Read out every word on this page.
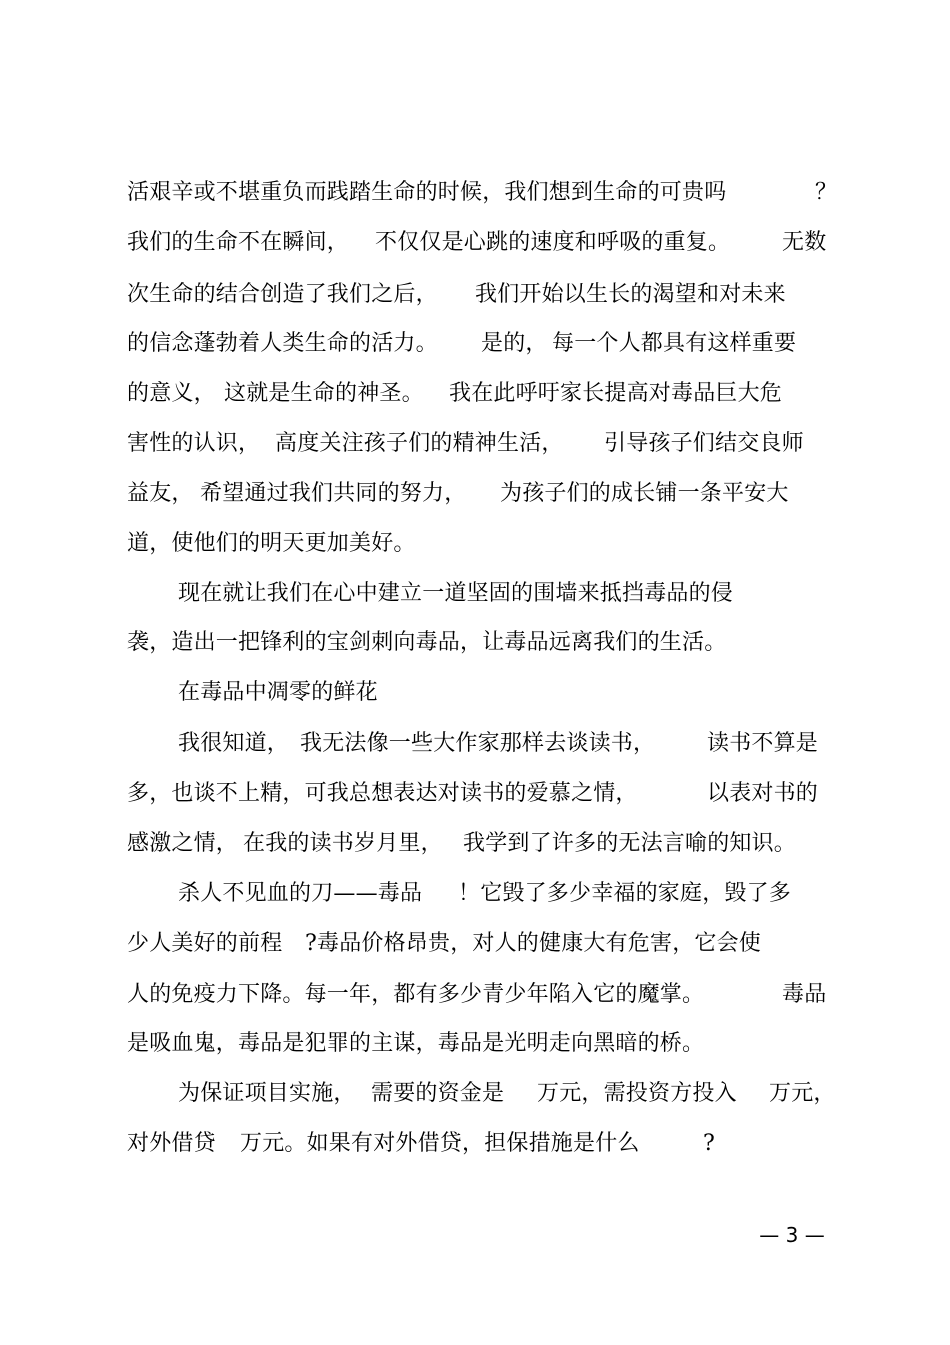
活艰辛或不堪重负而践踏生命的时候，我们想到生命的可贵吗

	？

我们的生命不在瞬间，

不仅仅是心跳的速度和呼吸的重复。

无数

次生命的结合创造了我们之后，

我们开始以生长的渴望和对未来

的信念蓬勃着人类生命的活力。

是的，

每一个人都具有这样重要

的意义，

这就是生命的神圣。

我在此呼吁家长提高对毒品巨大危

害性的认识，

高度关注孩子们的精神生活，

引导孩子们结交良师

益友，

希望通过我们共同的努力，

为孩子们的成长铺一条平安大

道，使他们的明天更加美好。

现在就让我们在心中建立一道坚固的围墙来抵挡毒品的侵

袭，造出一把锋利的宝剑刺向毒品，让毒品远离我们的生活。

在毒品中凋零的鲜花

我很知道，

我无法像一些大作家那样去谈读书，

读书不算是

多，也谈不上精，可我总想表达对读书的爱慕之情，

	以表对书的

感激之情，

在我的读书岁月里，

我学到了许多的无法言喻的知识。

杀人不见血的刀——毒品

！它毁了多少幸福的家庭，毁了多

少人美好的前程

?毒品价格昂贵，对人的健康大有危害，它会使

人的免疫力下降。每一年，都有多少青少年陷入它的魔掌。

	毒品

是吸血鬼，毒品是犯罪的主谋，毒品是光明走向黑暗的桥。

为保证项目实施，

需要的资金是

万元，需投资方投入

万元，

对外借贷

万元。如果有对外借贷，担保措施是什么

	?

— 3 —
